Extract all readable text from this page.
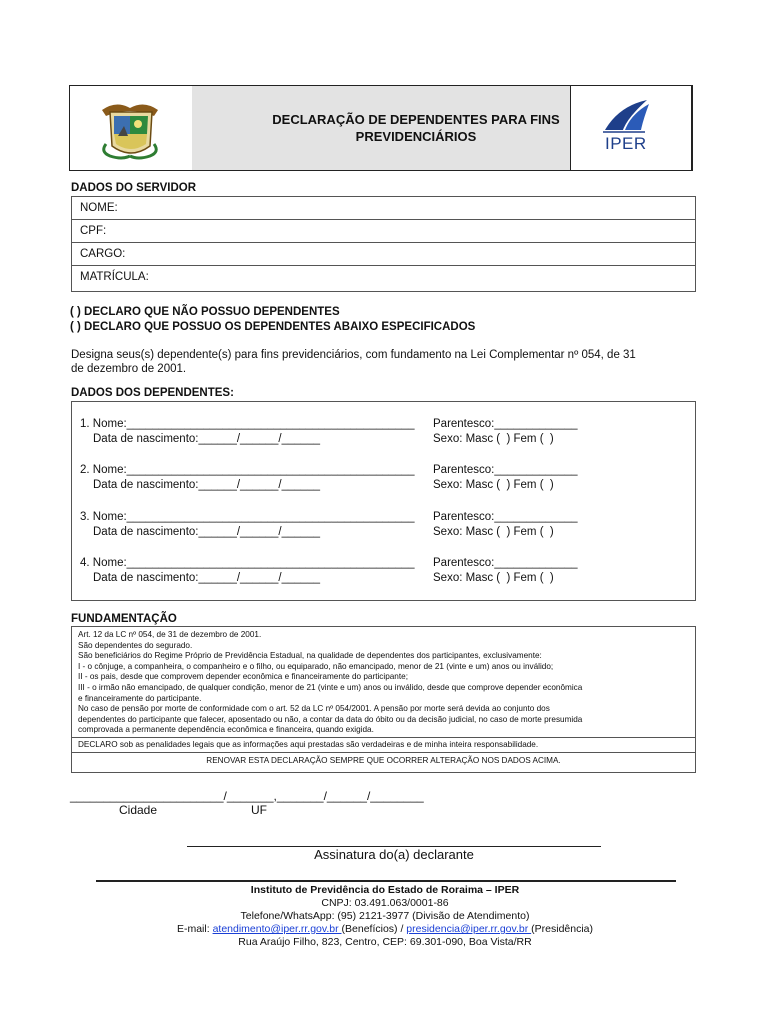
DECLARAÇÃO DE DEPENDENTES PARA FINS
PREVIDENCIÁRIOS	IPER
DADOS DO SERVIDOR
NOME:
CPF:
CARGO:
MATRÍCULA:
( ) DECLARO QUE NÃO POSSUO DEPENDENTES
( ) DECLARO QUE POSSUO OS DEPENDENTES ABAIXO ESPECIFICADOS
Designa seus(s) dependente(s) para fins previdenciários, com fundamento na Lei Complementar nº 054, de 31
de dezembro de 2001.
DADOS DOS DEPENDENTES:
1. Nome:_____________________________________________ Parentesco:_____________
Data de nascimento:______/______/______	Sexo: Masc (  ) Fem (  )
2. Nome:_____________________________________________ Parentesco:_____________
Data de nascimento:______/______/______	Sexo: Masc (  ) Fem (  )
3. Nome:_____________________________________________ Parentesco:_____________
Data de nascimento:______/______/______	Sexo: Masc (  ) Fem (  )
4. Nome:_____________________________________________ Parentesco:_____________
Data de nascimento:______/______/______	Sexo: Masc (  ) Fem (  )
FUNDAMENTAÇÃO
Art. 12 da LC nº 054, de 31 de dezembro de 2001.
São dependentes do segurado.
São beneficiários do Regime Próprio de Previdência Estadual, na qualidade de dependentes dos participantes, exclusivamente:
I - o cônjuge, a companheira, o companheiro e o filho, ou equiparado, não emancipado, menor de 21 (vinte e um) anos ou inválido;
II - os pais, desde que comprovem depender econômica e financeiramente do participante;
III - o irmão não emancipado, de qualquer condição, menor de 21 (vinte e um) anos ou inválido, desde que comprove depender econômica
e financeiramente do participante.
No caso de pensão por morte de conformidade com o art. 52 da LC nº 054/2001. A pensão por morte será devida ao conjunto dos
dependentes do participante que falecer, aposentado ou não, a contar da data do óbito ou da decisão judicial, no caso de morte presumida
comprovada a permanente dependência econômica e financeira, quando exigida.
DECLARO sob as penalidades legais que as informações aqui prestadas são verdadeiras e de minha inteira responsabilidade.
RENOVAR ESTA DECLARAÇÃO SEMPRE QUE OCORRER ALTERAÇÃO NOS DADOS ACIMA.
_______________________/_______,_______/______/________
Cidade	UF
Assinatura do(a) declarante
Instituto de Previdência do Estado de Roraima – IPER
CNPJ: 03.491.063/0001-86
Telefone/WhatsApp: (95) 2121-3977 (Divisão de Atendimento)
E-mail: atendimento@iper.rr.gov.br (Benefícios) / presidencia@iper.rr.gov.br (Presidência)
Rua Araújo Filho, 823, Centro, CEP: 69.301-090, Boa Vista/RR
